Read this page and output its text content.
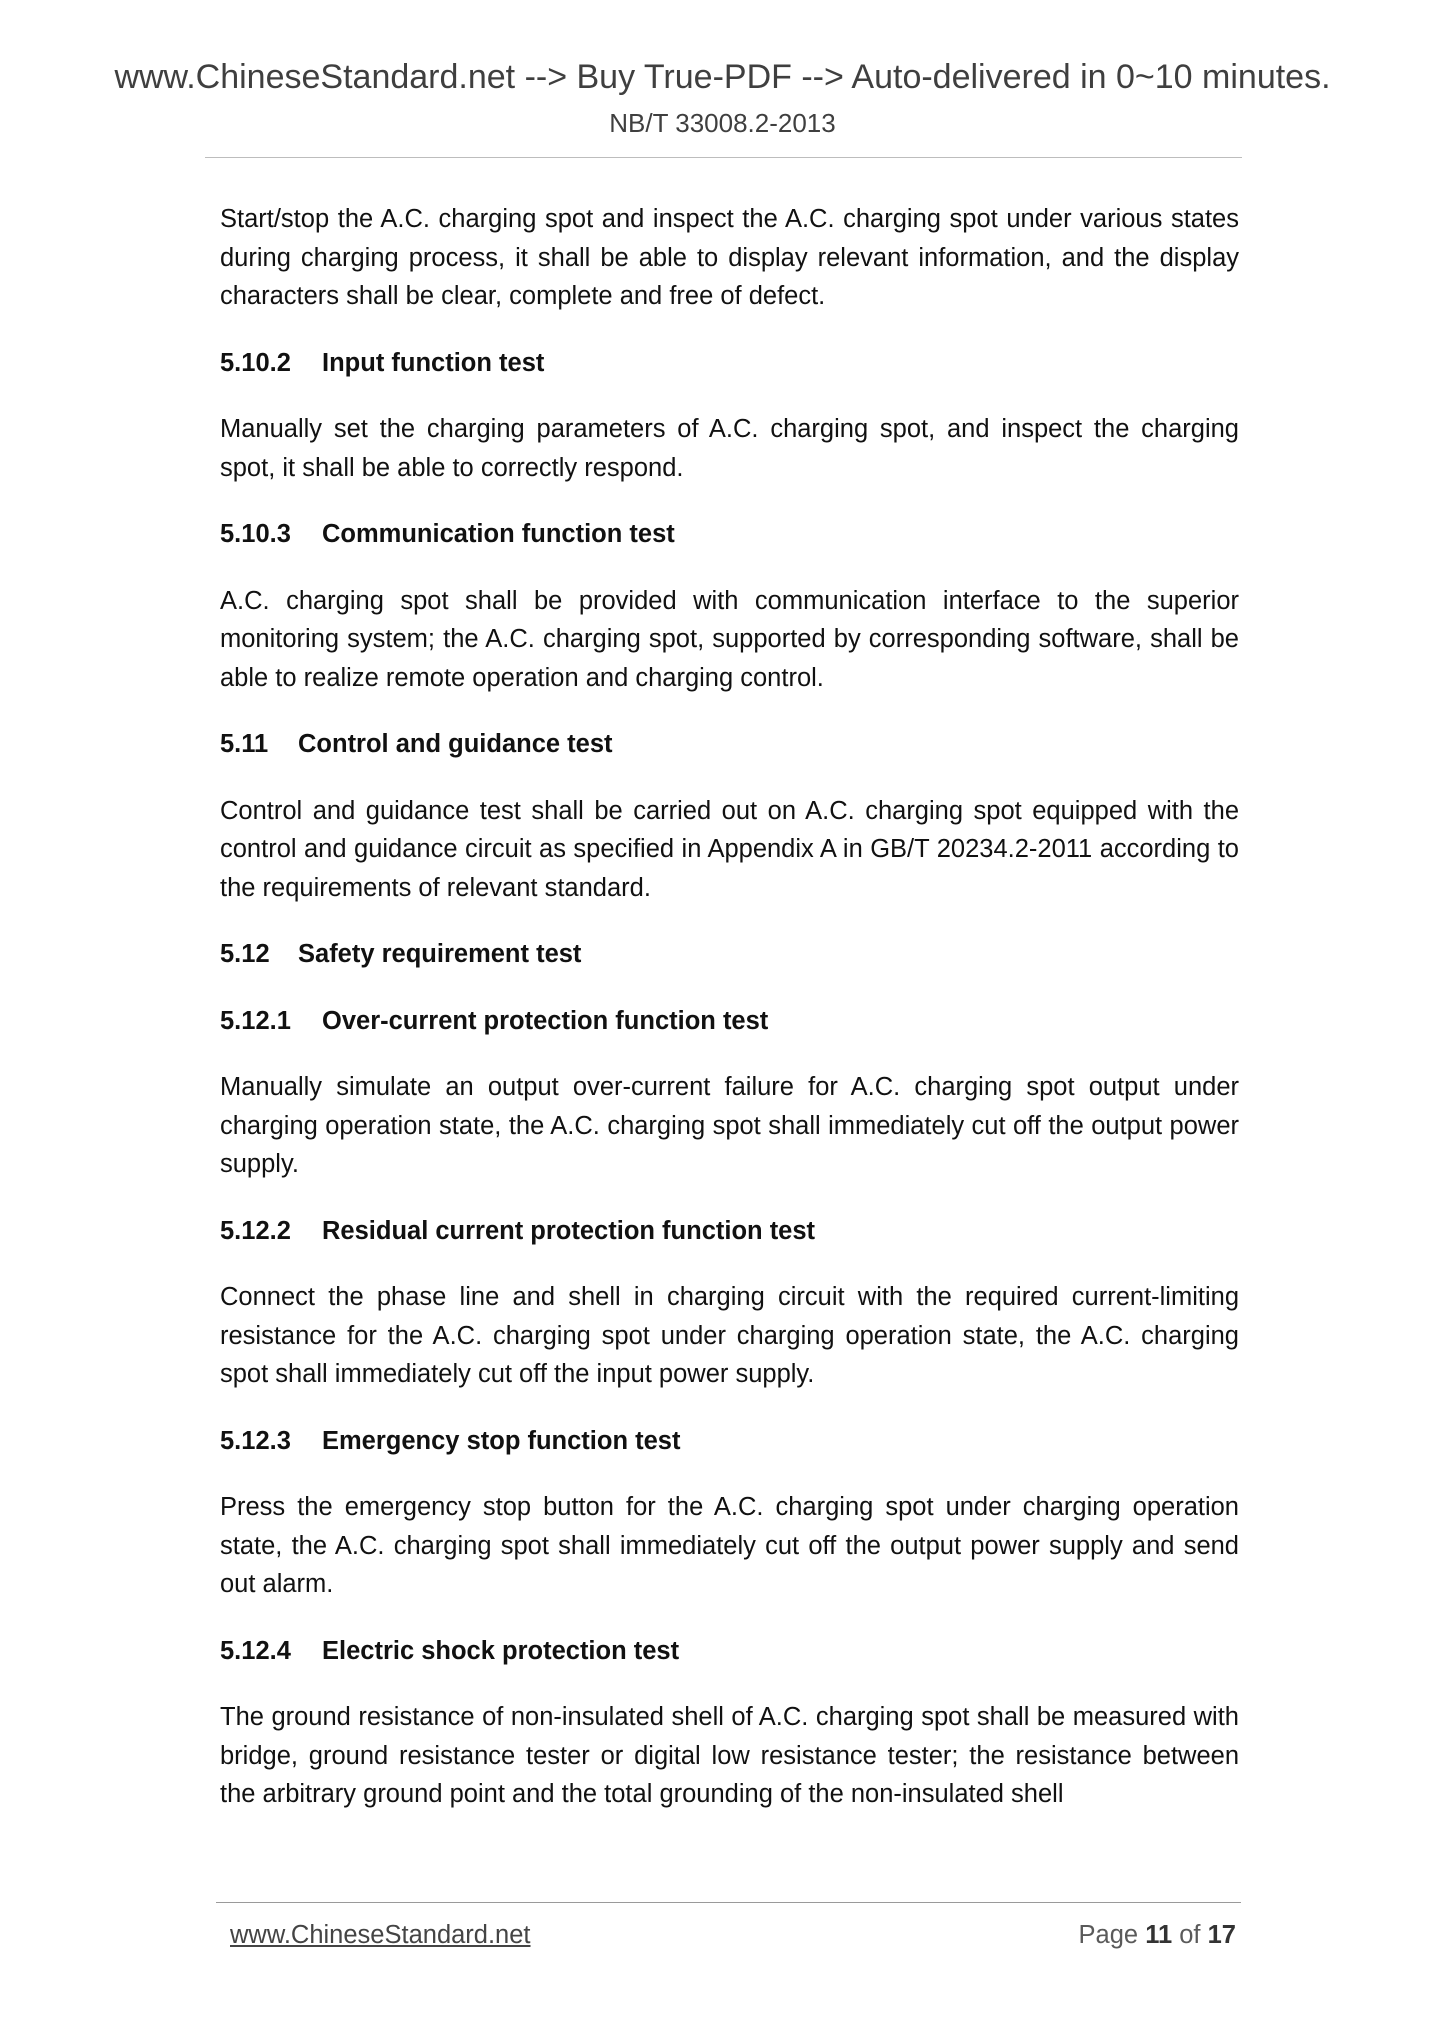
www.ChineseStandard.net --> Buy True-PDF --> Auto-delivered in 0~10 minutes.
NB/T 33008.2-2013

Start/stop the A.C. charging spot and inspect the A.C. charging spot under various states during charging process, it shall be able to display relevant information, and the display characters shall be clear, complete and free of defect.

5.10.2	Input function test

Manually set the charging parameters of A.C. charging spot, and inspect the charging spot, it shall be able to correctly respond.

5.10.3	Communication function test

A.C. charging spot shall be provided with communication interface to the superior monitoring system; the A.C. charging spot, supported by corresponding software, shall be able to realize remote operation and charging control.

5.11	Control and guidance test

Control and guidance test shall be carried out on A.C. charging spot equipped with the control and guidance circuit as specified in Appendix A in GB/T 20234.2-2011 according to the requirements of relevant standard.

5.12	Safety requirement test
5.12.1	Over-current protection function test

Manually simulate an output over-current failure for A.C. charging spot output under charging operation state, the A.C. charging spot shall immediately cut off the output power supply.

5.12.2	Residual current protection function test

Connect the phase line and shell in charging circuit with the required current-limiting resistance for the A.C. charging spot under charging operation state, the A.C. charging spot shall immediately cut off the input power supply.

5.12.3	Emergency stop function test

Press the emergency stop button for the A.C. charging spot under charging operation state, the A.C. charging spot shall immediately cut off the output power supply and send out alarm.

5.12.4	Electric shock protection test

The ground resistance of non-insulated shell of A.C. charging spot shall be measured with bridge, ground resistance tester or digital low resistance tester; the resistance between the arbitrary ground point and the total grounding of the non-insulated shell

www.ChineseStandard.net	Page 11 of 17
